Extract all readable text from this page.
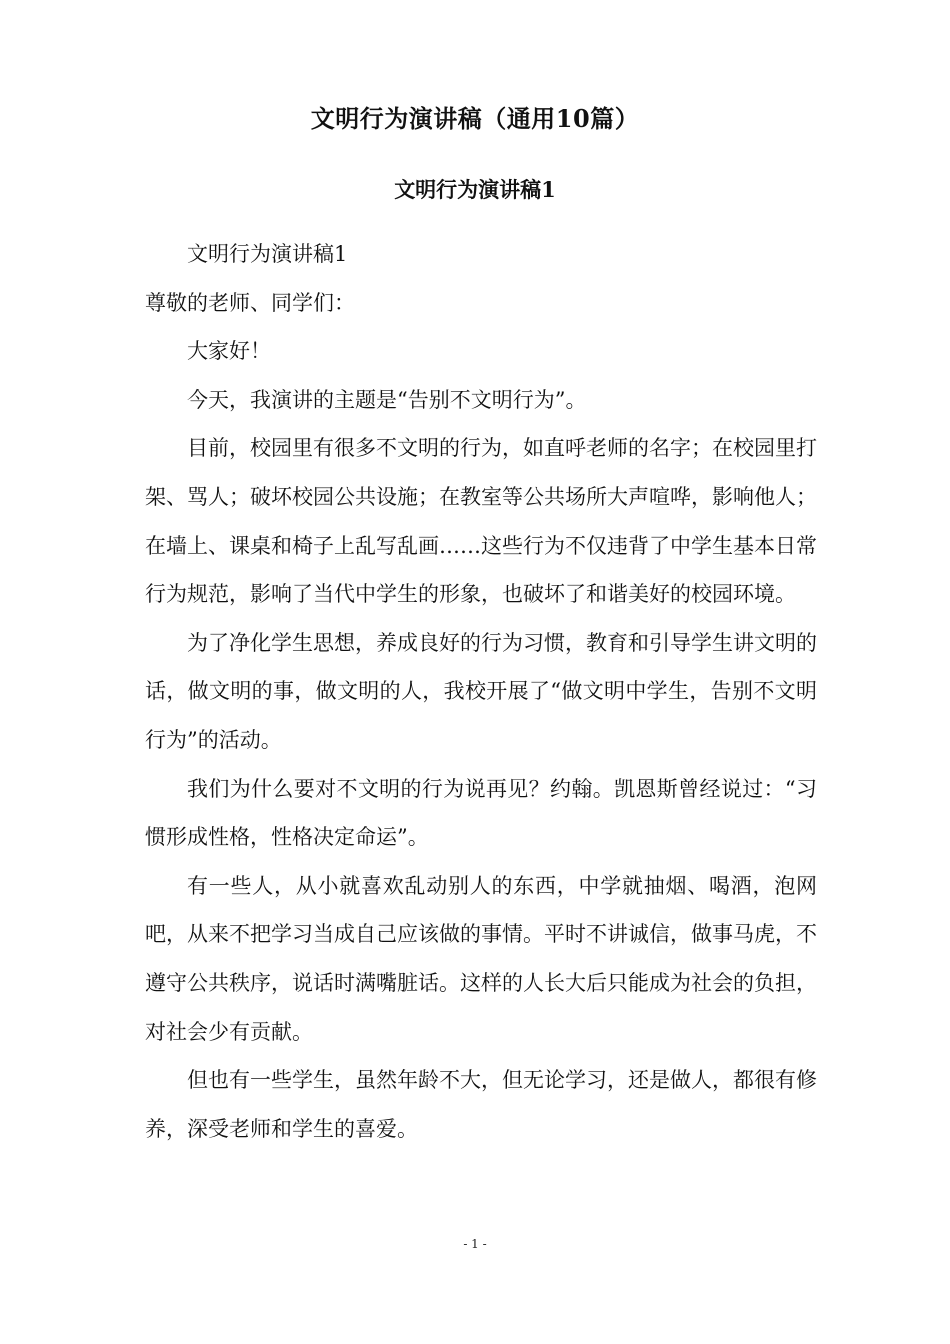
文明行为演讲稿（通用10篇）
文明行为演讲稿1

文明行为演讲稿1

尊敬的老师、同学们：

大家好！

今天，我演讲的主题是“告别不文明行为”。

目前，校园里有很多不文明的行为，如直呼老师的名字；在校园里打架、骂人；破坏校园公共设施；在教室等公共场所大声喧哗，影响他人；在墙上、课桌和椅子上乱写乱画……这些行为不仅违背了中学生基本日常行为规范，影响了当代中学生的形象，也破坏了和谐美好的校园环境。

为了净化学生思想，养成良好的行为习惯，教育和引导学生讲文明的话，做文明的事，做文明的人，我校开展了“做文明中学生，告别不文明行为”的活动。

我们为什么要对不文明的行为说再见？约翰。凯恩斯曾经说过：“习惯形成性格，性格决定命运”。

有一些人，从小就喜欢乱动别人的东西，中学就抽烟、喝酒，泡网吧，从来不把学习当成自己应该做的事情。平时不讲诚信，做事马虎，不遵守公共秩序，说话时满嘴脏话。这样的人长大后只能成为社会的负担，对社会少有贡献。

但也有一些学生，虽然年龄不大，但无论学习，还是做人，都很有修养，深受老师和学生的喜爱。

- 1 -
